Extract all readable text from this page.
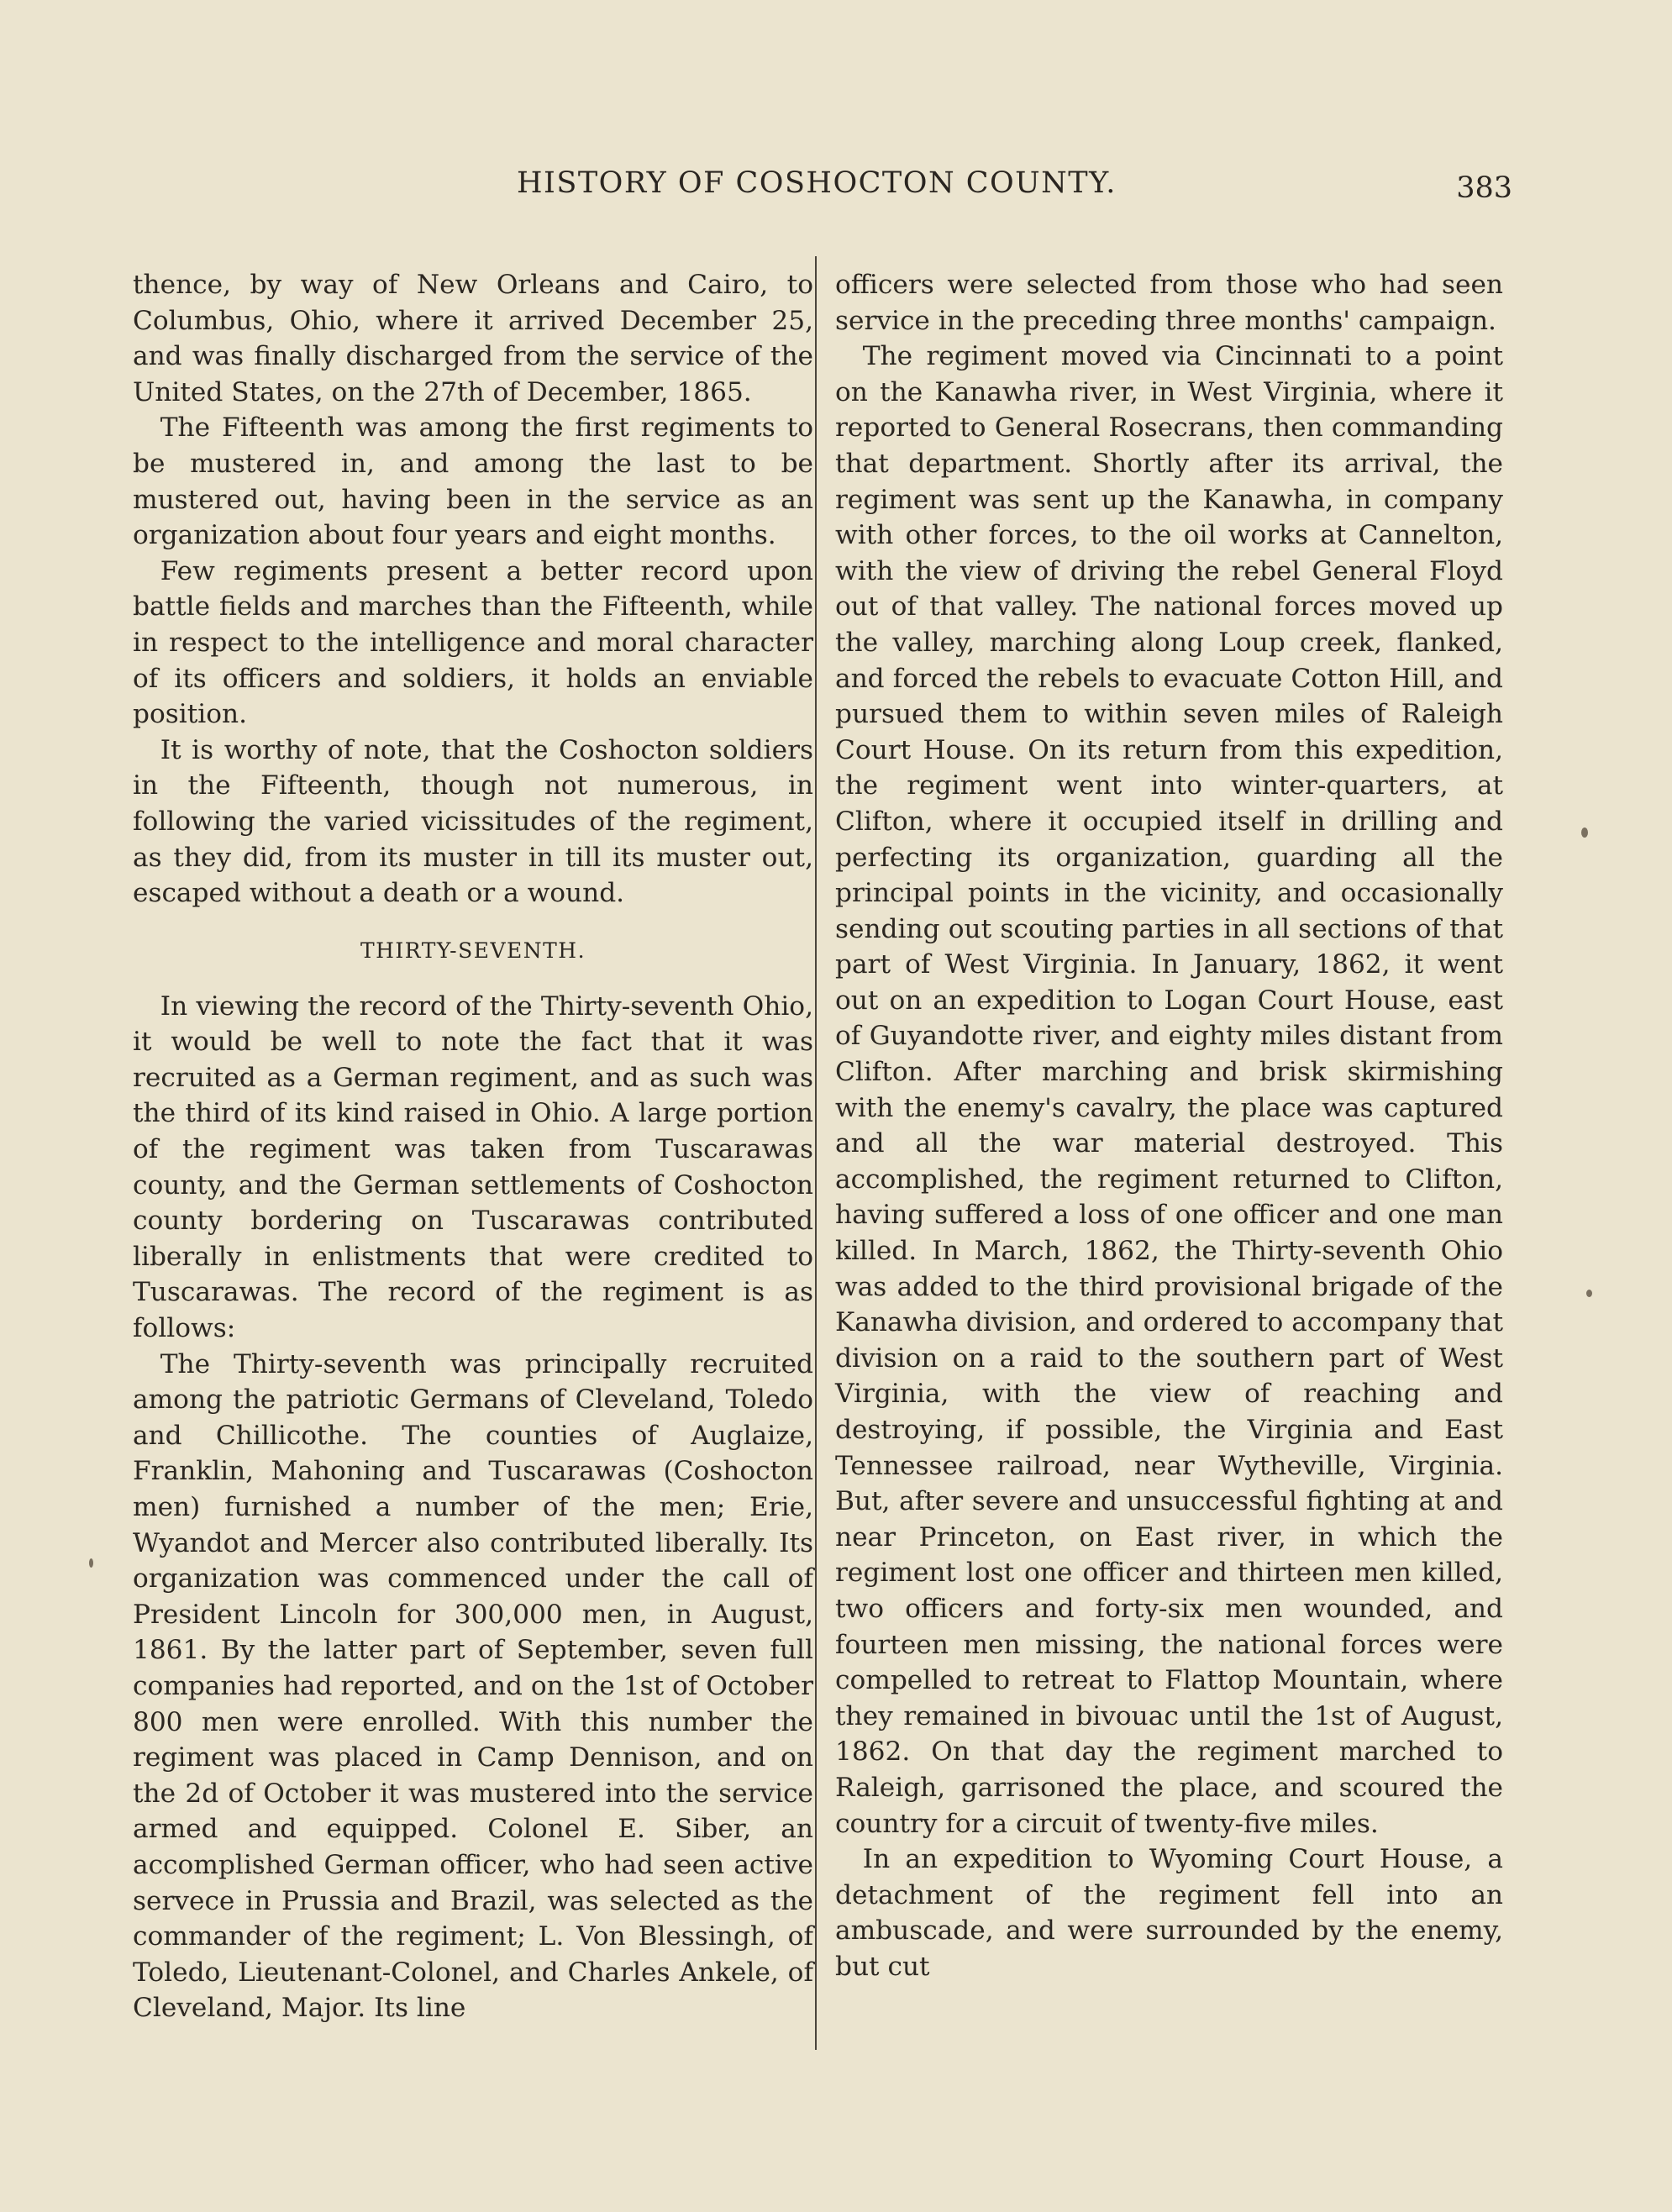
HISTORY OF COSHOCTON COUNTY.	383

thence, by way of New Orleans and Cairo, to Columbus, Ohio, where it arrived December 25, and was finally discharged from the service of the United States, on the 27th of December, 1865.

The Fifteenth was among the first regiments to be mustered in, and among the last to be mustered out, having been in the service as an organization about four years and eight months.

Few regiments present a better record upon battle fields and marches than the Fifteenth, while in respect to the intelligence and moral character of its officers and soldiers, it holds an enviable position.

It is worthy of note, that the Coshocton soldiers in the Fifteenth, though not numerous, in following the varied vicissitudes of the regiment, as they did, from its muster in till its muster out, escaped without a death or a wound.

THIRTY-SEVENTH.

In viewing the record of the Thirty-seventh Ohio, it would be well to note the fact that it was recruited as a German regiment, and as such was the third of its kind raised in Ohio. A large portion of the regiment was taken from Tuscarawas county, and the German settlements of Coshocton county bordering on Tuscarawas contributed liberally in enlistments that were credited to Tuscarawas. The record of the regiment is as follows:

The Thirty-seventh was principally recruited among the patriotic Germans of Cleveland, Toledo and Chillicothe. The counties of Auglaize, Franklin, Mahoning and Tuscarawas (Coshocton men) furnished a number of the men; Erie, Wyandot and Mercer also contributed liberally. Its organization was commenced under the call of President Lincoln for 300,000 men, in August, 1861. By the latter part of September, seven full companies had reported, and on the 1st of October 800 men were enrolled. With this number the regiment was placed in Camp Dennison, and on the 2d of October it was mustered into the service armed and equipped. Colonel E. Siber, an accomplished German officer, who had seen active servece in Prussia and Brazil, was selected as the commander of the regiment; L. Von Blessingh, of Toledo, Lieutenant-Colonel, and Charles Ankele, of Cleveland, Major. Its line

officers were selected from those who had seen service in the preceding three months' campaign.

The regiment moved via Cincinnati to a point on the Kanawha river, in West Virginia, where it reported to General Rosecrans, then commanding that department. Shortly after its arrival, the regiment was sent up the Kanawha, in company with other forces, to the oil works at Cannelton, with the view of driving the rebel General Floyd out of that valley. The national forces moved up the valley, marching along Loup creek, flanked, and forced the rebels to evacuate Cotton Hill, and pursued them to within seven miles of Raleigh Court House. On its return from this expedition, the regiment went into winter-quarters, at Clifton, where it occupied itself in drilling and perfecting its organization, guarding all the principal points in the vicinity, and occasionally sending out scouting parties in all sections of that part of West Virginia. In January, 1862, it went out on an expedition to Logan Court House, east of Guyandotte river, and eighty miles distant from Clifton. After marching and brisk skirmishing with the enemy's cavalry, the place was captured and all the war material destroyed. This accomplished, the regiment returned to Clifton, having suffered a loss of one officer and one man killed. In March, 1862, the Thirty-seventh Ohio was added to the third provisional brigade of the Kanawha division, and ordered to accompany that division on a raid to the southern part of West Virginia, with the view of reaching and destroying, if possible, the Virginia and East Tennessee railroad, near Wytheville, Virginia. But, after severe and unsuccessful fighting at and near Princeton, on East river, in which the regiment lost one officer and thirteen men killed, two officers and forty-six men wounded, and fourteen men missing, the national forces were compelled to retreat to Flattop Mountain, where they remained in bivouac until the 1st of August, 1862. On that day the regiment marched to Raleigh, garrisoned the place, and scoured the country for a circuit of twenty-five miles.

In an expedition to Wyoming Court House, a detachment of the regiment fell into an ambuscade, and were surrounded by the enemy, but cut
